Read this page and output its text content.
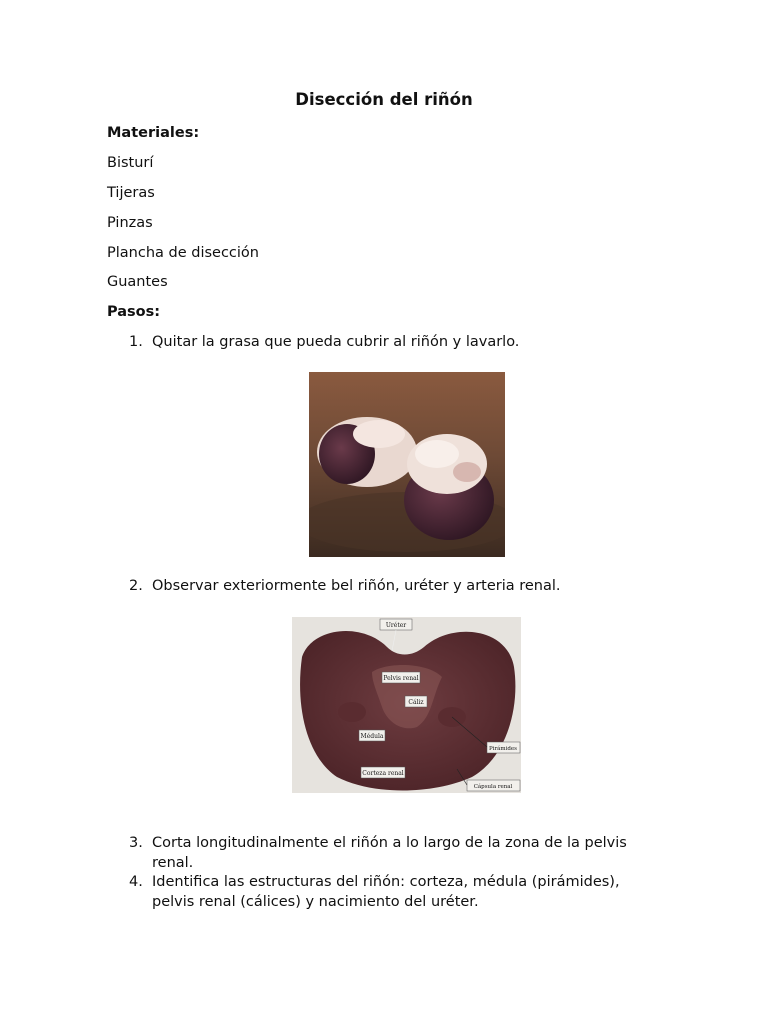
Disección del riñón
Materiales:
Bisturí
Tijeras
Pinzas
Plancha de disección
Guantes
Pasos:
1. Quitar la grasa que pueda cubrir al riñón y lavarlo.
2. Observar exteriormente bel riñón, uréter y arteria renal.
Uréter
Pelvis renal
Cáliz
Pirámides
Médula
Corteza renal
Cápsula renal
3. Corta longitudinalmente el riñón a lo largo de la zona de la pelvis renal.
4. Identifica las estructuras del riñón: corteza, médula (pirámides), pelvis renal (cálices) y nacimiento del uréter.
